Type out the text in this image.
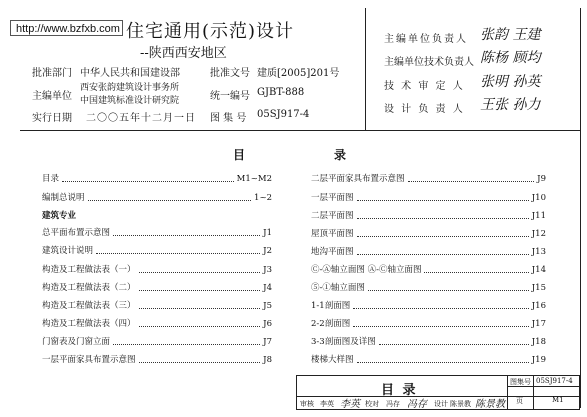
http://www.bzfxb.com 住宅通用(示范)设计
--陕西西安地区
批准部门 中华人民共和国建设部	批准文号 建质[2005]201号
主编单位
西安张韵建筑设计事务所
中国建筑标准设计研究院	统一编号 GJBT-888
实行日期 二〇〇五年十二月一日 图 集 号 05SJ917-4
主编单位负责人 张韵 王建
主编单位技术负责人 陈杨 顾均
技 术 审 定 人 张明 孙英
设 计 负 责 人 王张 孙力
目	录
目录	M1~M2
编制总说明	1~2
建筑专业
总平面布置示意图	J1
建筑设计说明	J2
构造及工程做法表（一）	J3
构造及工程做法表（二）	J4
构造及工程做法表（三）	J5
构造及工程做法表（四）	J6
门窗表及门窗立面	J7
一层平面家具布置示意图	J8
二层平面家具布置示意图	J9
一层平面图	J10
二层平面图	J11
屋顶平面图	J12
地沟平面图	J13
Ⓒ-Ⓐ轴立面图 Ⓐ-Ⓒ轴立面图	J14
⑤-①轴立面图	J15
1-1剖面图	J16
2-2剖面图	J17
3-3剖面图及详图	J18
楼梯大样图	J19
目 录
图集号 05SJ917-4
页	M1
审核 李英 李英 校对 冯存 冯存 设计 陈景教 陈景教
